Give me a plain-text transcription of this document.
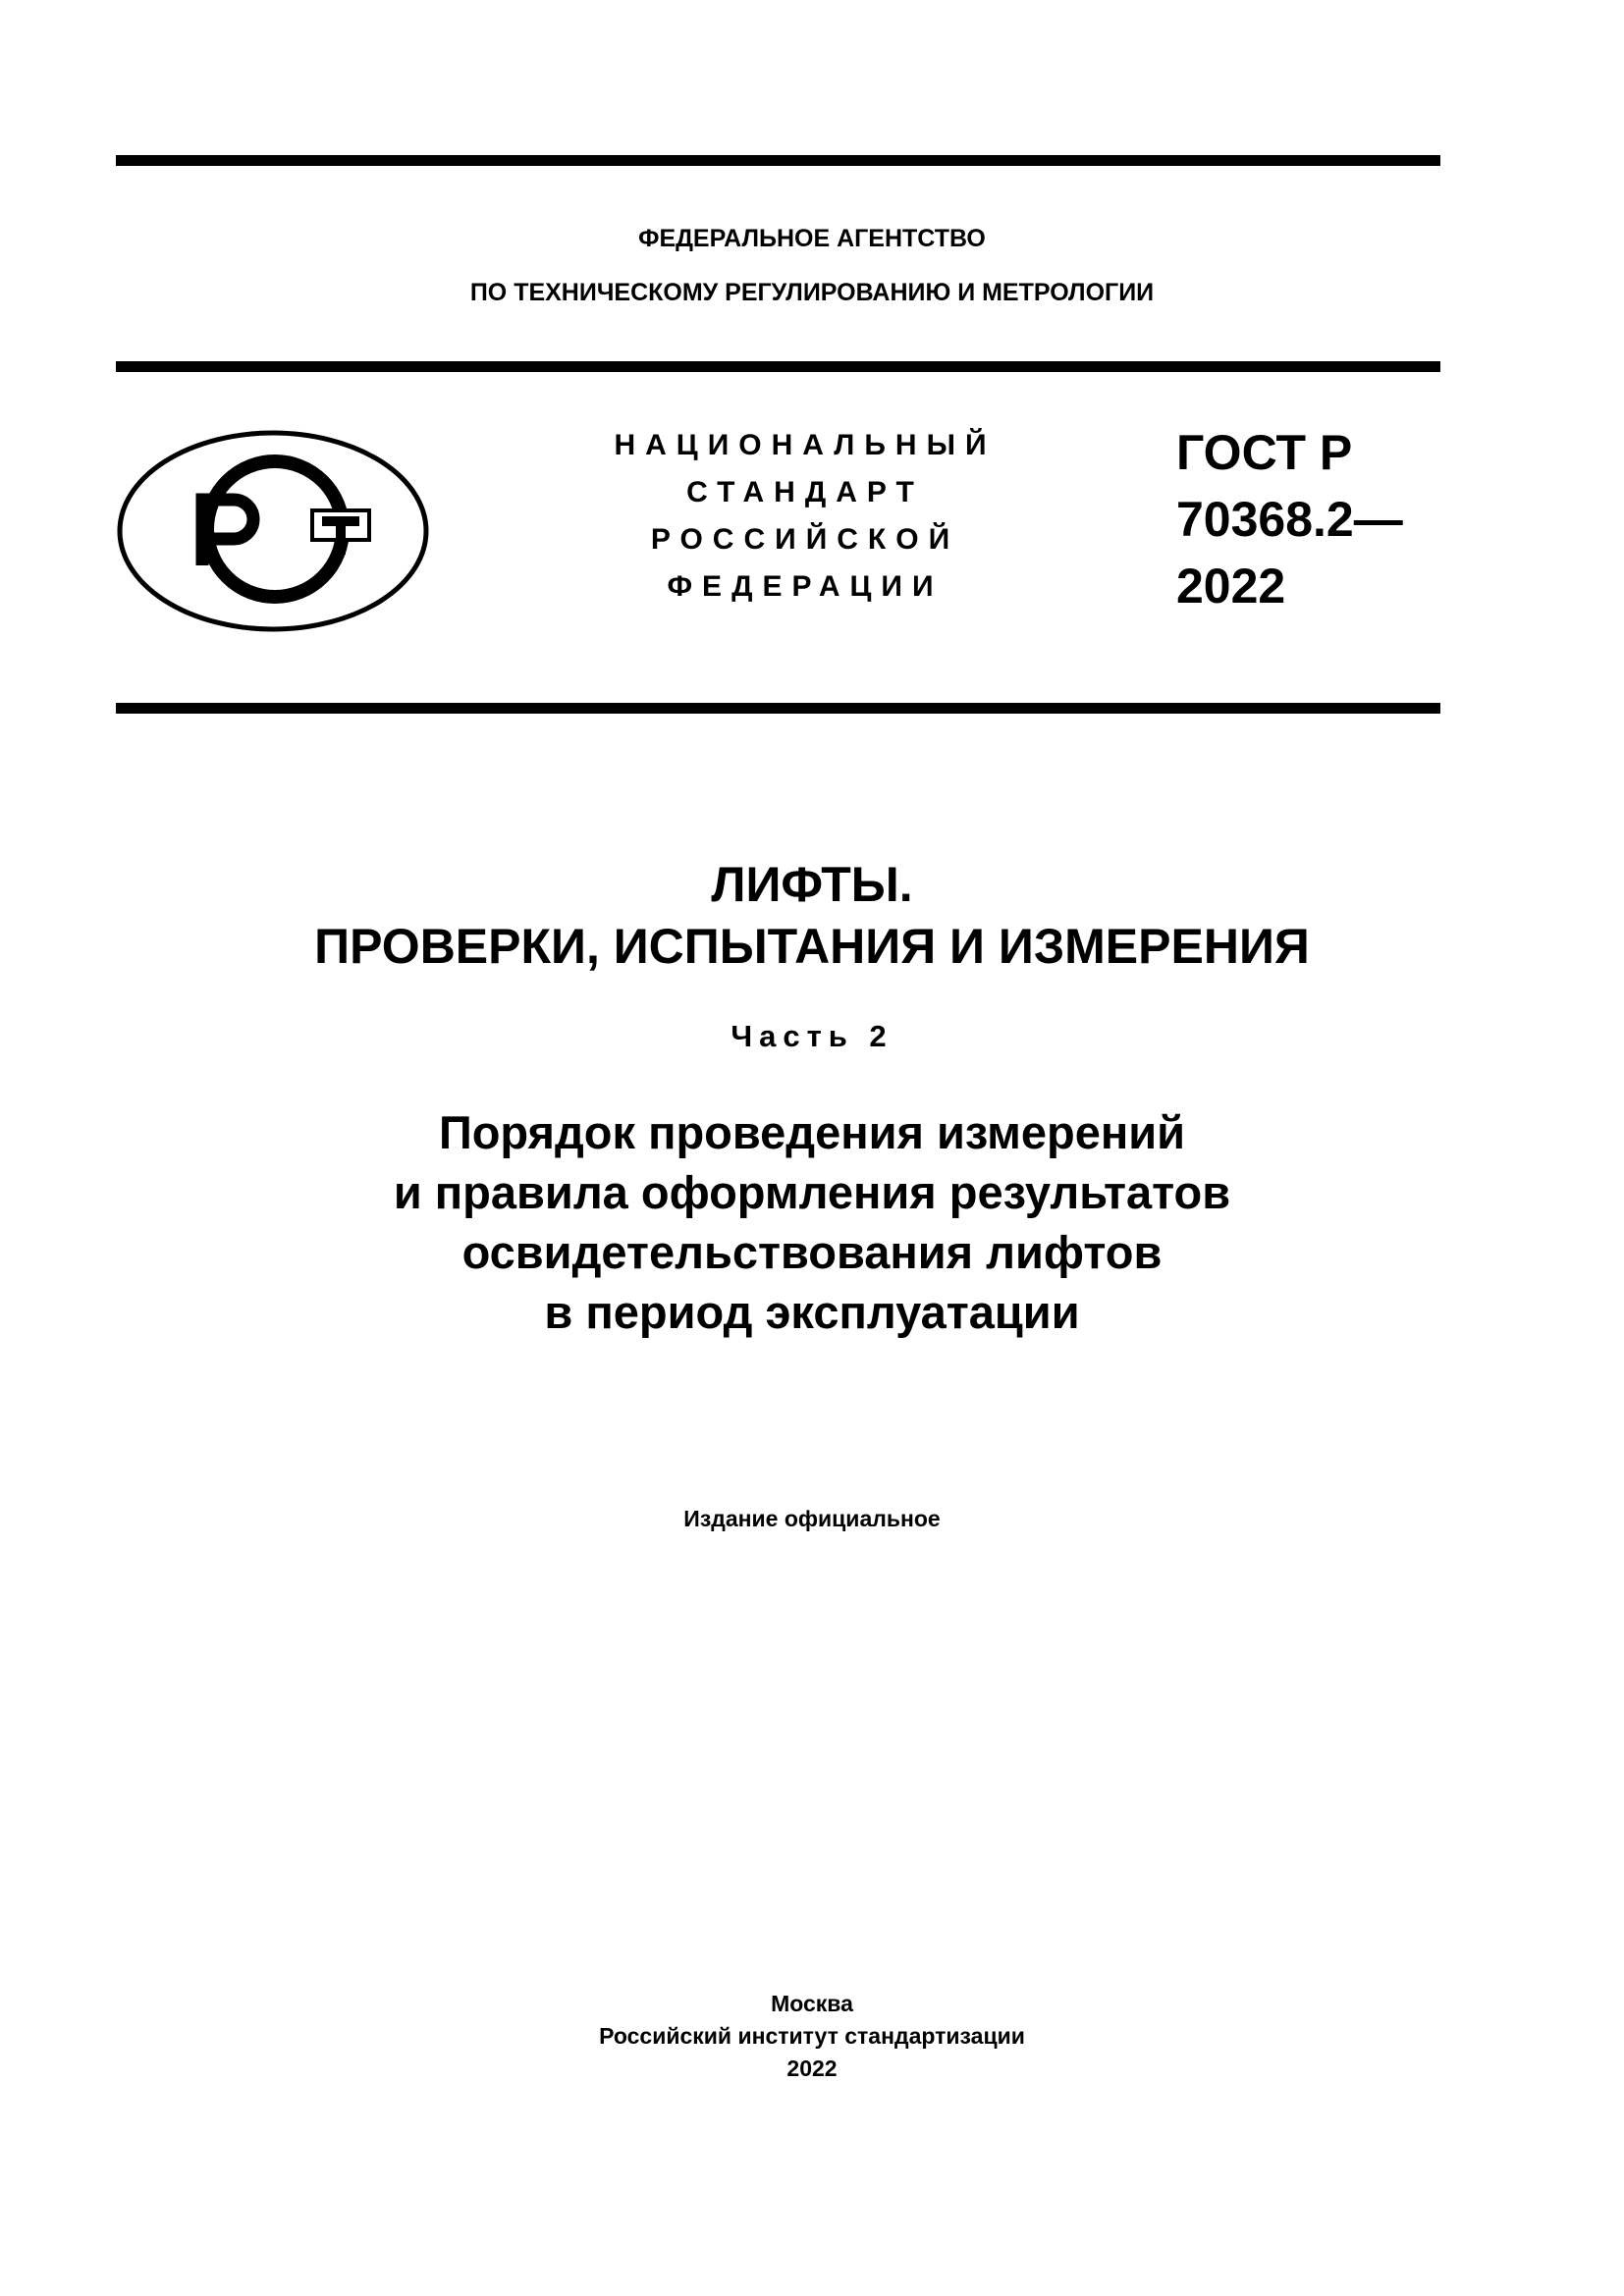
ФЕДЕРАЛЬНОЕ АГЕНТСТВО
ПО ТЕХНИЧЕСКОМУ РЕГУЛИРОВАНИЮ И МЕТРОЛОГИИ
НАЦИОНАЛЬНЫЙ
СТАНДАРТ
РОССИЙСКОЙ
ФЕДЕРАЦИИ
ГОСТ Р
70368.2—
2022
ЛИФТЫ.
ПРОВЕРКИ, ИСПЫТАНИЯ И ИЗМЕРЕНИЯ
Часть 2
Порядок проведения измерений
и правила оформления результатов
освидетельствования лифтов
в период эксплуатации
Издание официальное
Москва
Российский институт стандартизации
2022
